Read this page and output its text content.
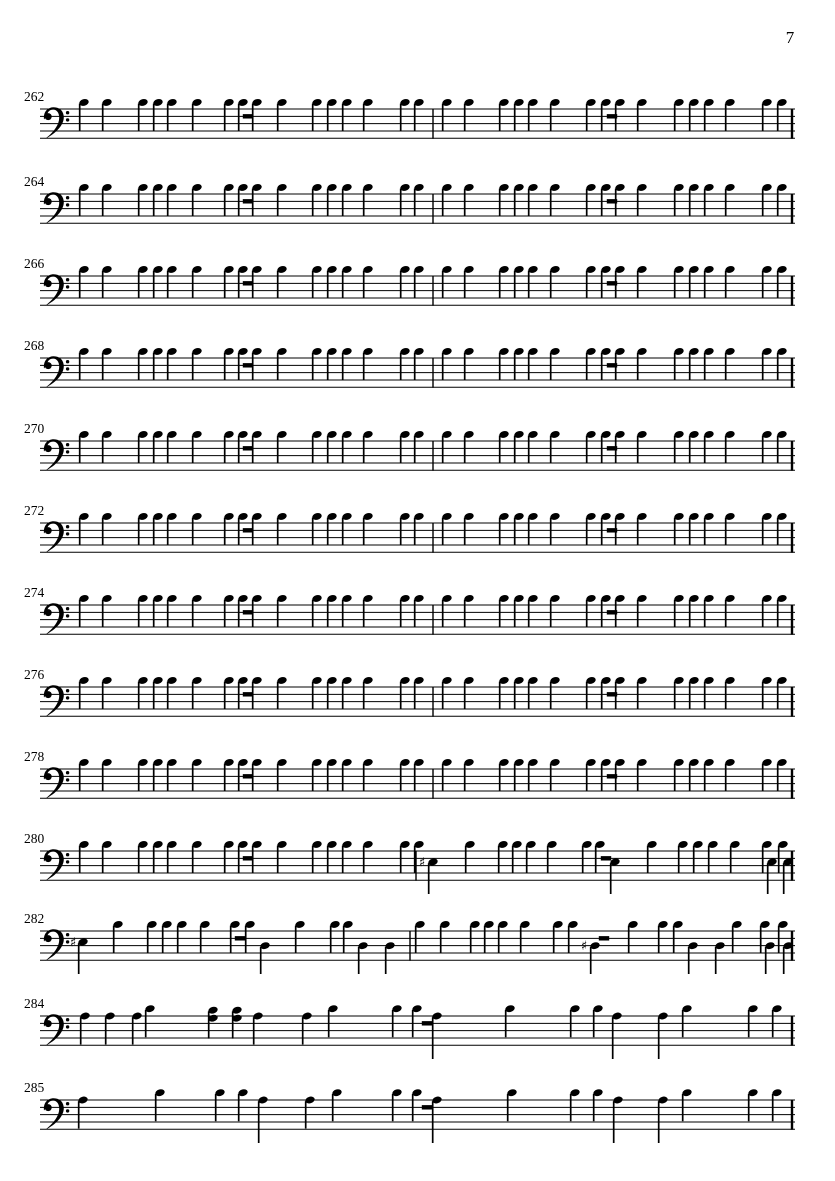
7
262
264
266
268
270
272
274
276
278
280
♯
282
♯	♯
284
285
